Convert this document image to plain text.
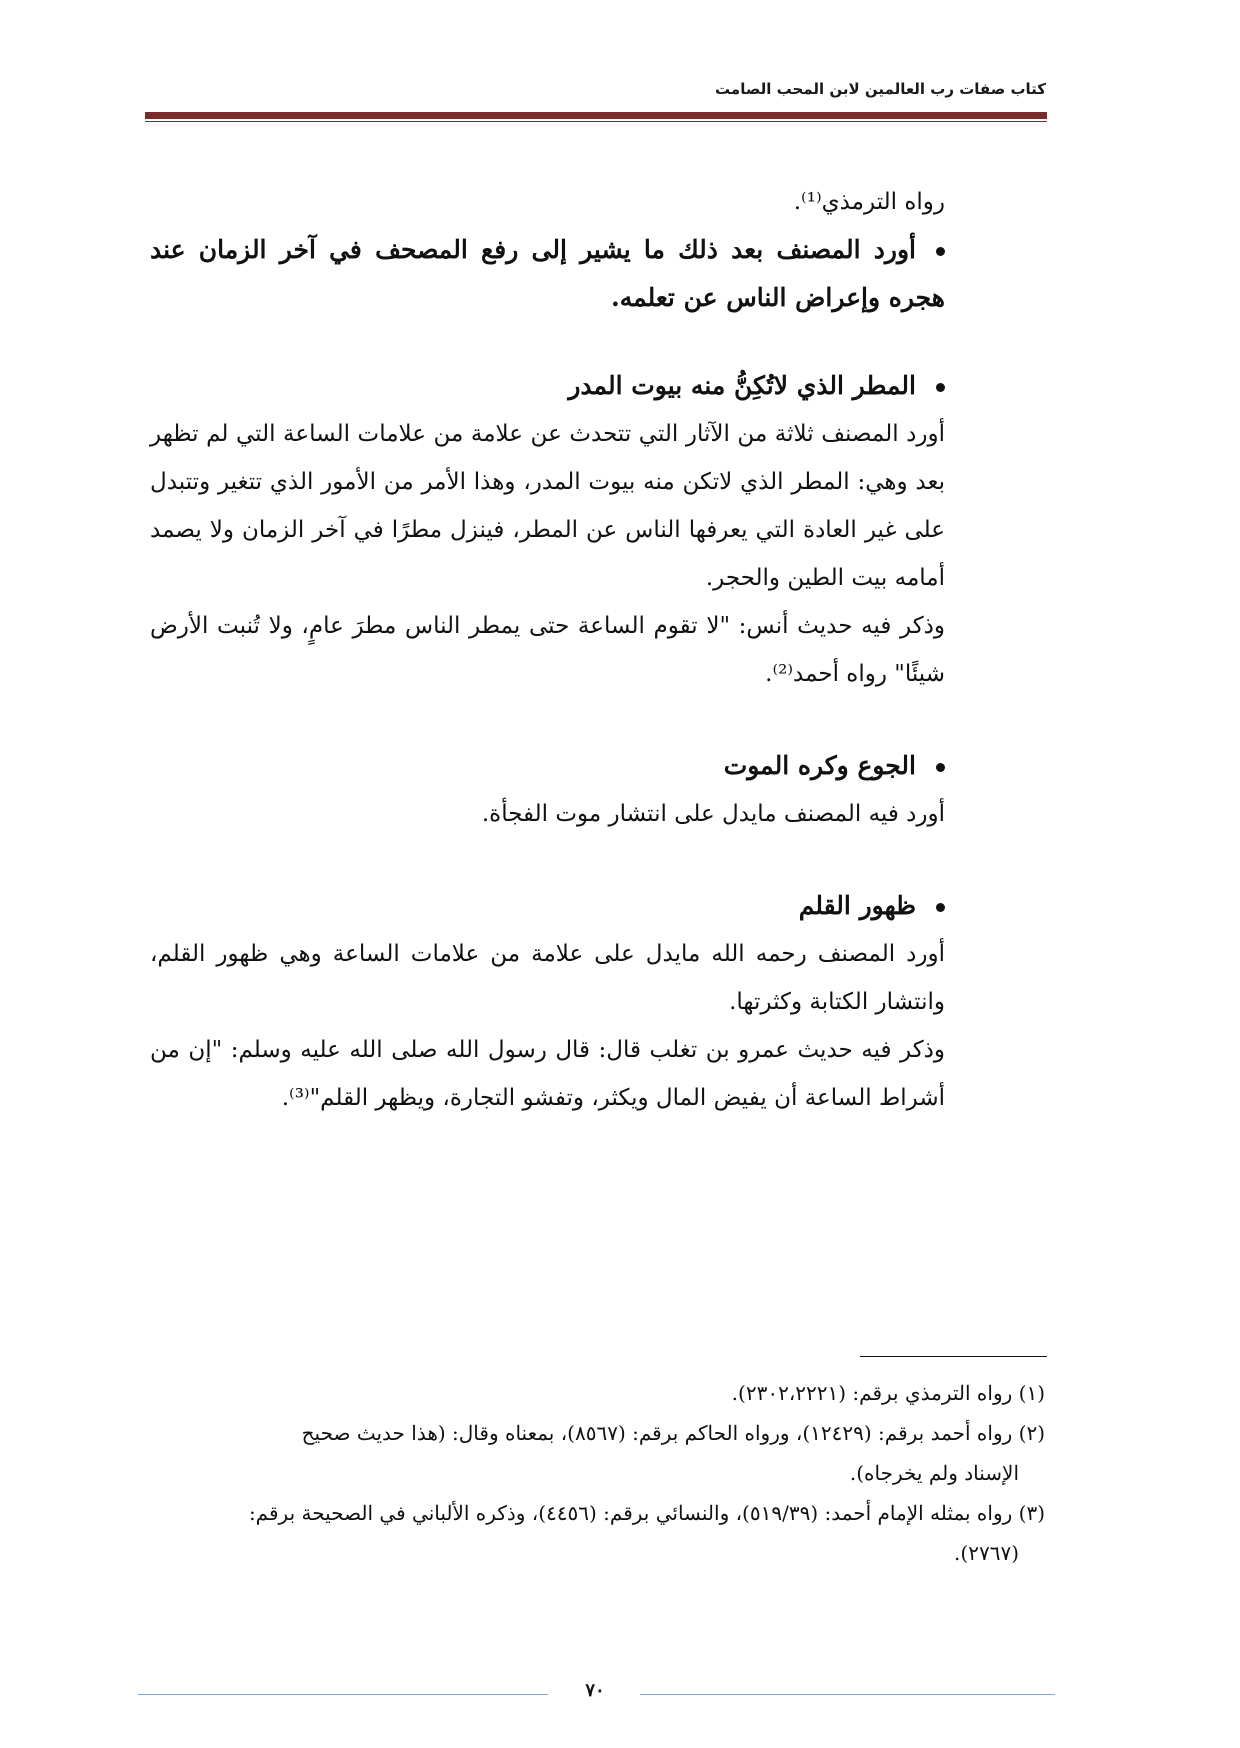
كتاب صفات رب العالمين لابن المحب الصامت

رواه الترمذي⁽¹⁾.

أورد المصنف بعد ذلك ما يشير إلى رفع المصحف في آخر الزمان عند هجره وإعراض الناس عن تعلمه.

المطر الذي لاتُكِنُّ منه بيوت المدر

أورد المصنف ثلاثة من الآثار التي تتحدث عن علامة من علامات الساعة التي لم تظهر بعد وهي: المطر الذي لاتكن منه بيوت المدر، وهذا الأمر من الأمور الذي تتغير وتتبدل على غير العادة التي يعرفها الناس عن المطر، فينزل مطرًا في آخر الزمان ولا يصمد أمامه بيت الطين والحجر.

وذكر فيه حديث أنس: "لا تقوم الساعة حتى يمطر الناس مطرَ عامٍ، ولا تُنبت الأرض شيئًا" رواه أحمد⁽²⁾.

الجوع وكره الموت

أورد فيه المصنف مايدل على انتشار موت الفجأة.

ظهور القلم

أورد المصنف رحمه الله مايدل على علامة من علامات الساعة وهي ظهور القلم، وانتشار الكتابة وكثرتها.

وذكر فيه حديث عمرو بن تغلب قال: قال رسول الله صلى الله عليه وسلم: "إن من أشراط الساعة أن يفيض المال ويكثر، وتفشو التجارة، ويظهر القلم"⁽³⁾.

(١) رواه الترمذي برقم: (٢٣٠٢،٢٢٢١).

(٢) رواه أحمد برقم: (١٢٤٢٩)، ورواه الحاكم برقم: (٨٥٦٧)، بمعناه وقال: (هذا حديث صحيح

الإسناد ولم يخرجاه).

(٣) رواه بمثله الإمام أحمد: (٥١٩/٣٩)، والنسائي برقم: (٤٤٥٦)، وذكره الألباني في الصحيحة برقم:

(٢٧٦٧).

٧٠
